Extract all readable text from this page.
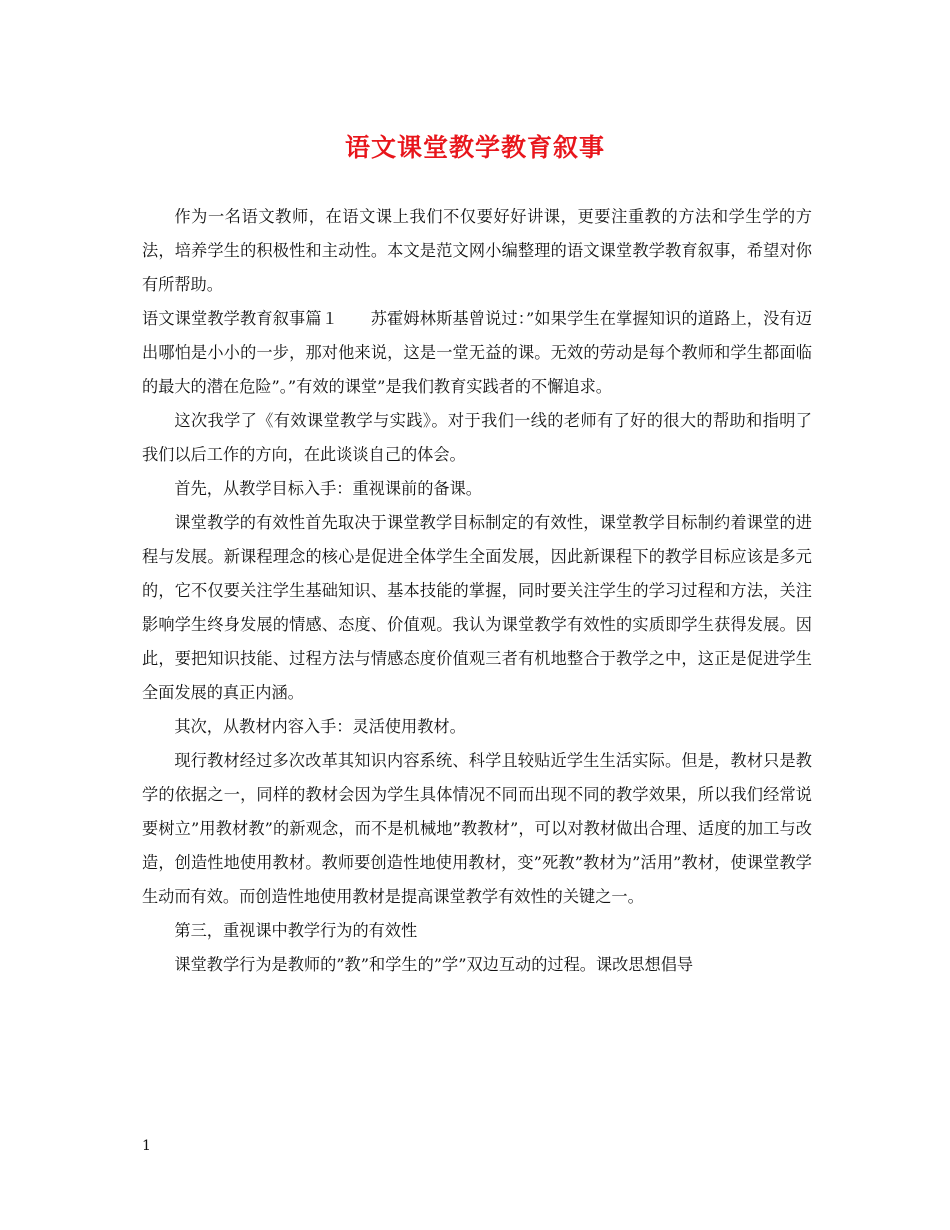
语文课堂教学教育叙事

作为一名语文教师，在语文课上我们不仅要好好讲课，更要注重教的方法和学生学的方法，培养学生的积极性和主动性。本文是范文网小编整理的语文课堂教学教育叙事，希望对你有所帮助。

语文课堂教学教育叙事篇１　　苏霍姆林斯基曾说过：”如果学生在掌握知识的道路上，没有迈出哪怕是小小的一步，那对他来说，这是一堂无益的课。无效的劳动是每个教师和学生都面临的最大的潜在危险”。”有效的课堂”是我们教育实践者的不懈追求。

这次我学了《有效课堂教学与实践》。对于我们一线的老师有了好的很大的帮助和指明了我们以后工作的方向，在此谈谈自己的体会。

首先，从教学目标入手：重视课前的备课。

课堂教学的有效性首先取决于课堂教学目标制定的有效性，课堂教学目标制约着课堂的进程与发展。新课程理念的核心是促进全体学生全面发展，因此新课程下的教学目标应该是多元的，它不仅要关注学生基础知识、基本技能的掌握，同时要关注学生的学习过程和方法，关注影响学生终身发展的情感、态度、价值观。我认为课堂教学有效性的实质即学生获得发展。因此，要把知识技能、过程方法与情感态度价值观三者有机地整合于教学之中，这正是促进学生全面发展的真正内涵。

其次，从教材内容入手：灵活使用教材。

现行教材经过多次改革其知识内容系统、科学且较贴近学生生活实际。但是，教材只是教学的依据之一，同样的教材会因为学生具体情况不同而出现不同的教学效果，所以我们经常说要树立”用教材教”的新观念，而不是机械地”教教材”，可以对教材做出合理、适度的加工与改造，创造性地使用教材。教师要创造性地使用教材，变”死教”教材为”活用”教材，使课堂教学生动而有效。而创造性地使用教材是提高课堂教学有效性的关键之一。

第三，重视课中教学行为的有效性

课堂教学行为是教师的”教”和学生的”学”双边互动的过程。课改思想倡导

1
